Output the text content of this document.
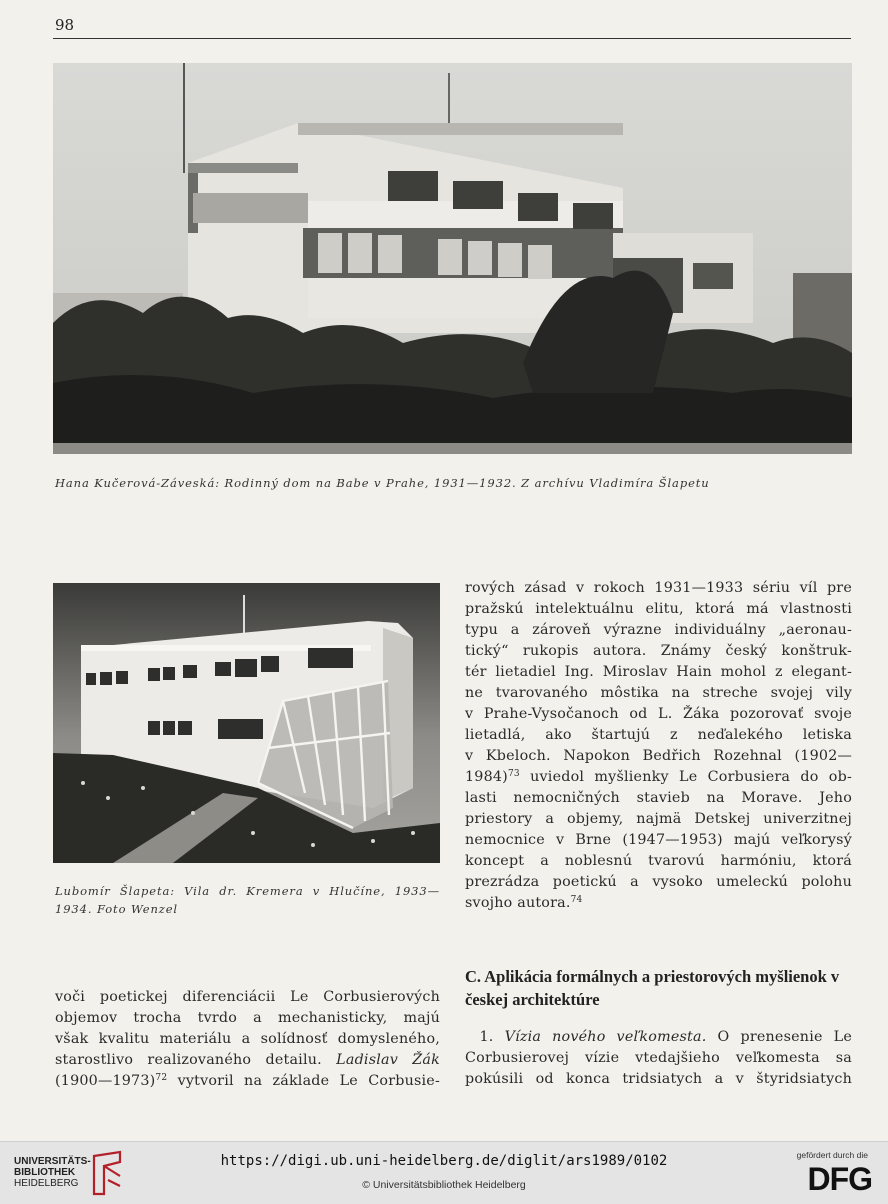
98
Hana Kučerová-Záveská: Rodinný dom na Babe v Prahe, 1931—1932. Z archívu Vladimíra Šlapetu
Lubomír Šlapeta: Vila dr. Kremera v Hlučíne, 1933—
1934. Foto Wenzel
rových zásad v rokoch 1931—1933 sériu víl pre
pražskú intelektuálnu elitu, ktorá má vlastnosti
typu a zároveň výrazne individuálny „aeronau-
tický“ rukopis autora. Známy český konštruk-
tér lietadiel Ing. Miroslav Hain mohol z elegant-
ne tvarovaného môstika na streche svojej vily
v Prahe-Vysočanoch od L. Žáka pozorovať svoje
lietadlá, ako štartujú z neďalekého letiska
v Kbeloch. Napokon Bedřich Rozehnal (1902—
1984)$^{73}$ uviedol myšlienky Le Corbusiera do ob-
lasti nemocničných stavieb na Morave. Jeho
priestory a objemy, najmä Detskej univerzitnej
nemocnice v Brne (1947—1953) majú veľkorysý
koncept a noblesnú tvarovú harmóniu, ktorá
prezrádza poetickú a vysoko umeleckú polohu
svojho autora.$^{74}$
C. Aplikácia formálnych a priestorových myšlienok v českej architektúre
 1. Vízia nového veľkomesta. O prenesenie Le
Corbusierovej vízie vtedajšieho veľkomesta sa
pokúsili od konca tridsiatych a v štyridsiatych
voči poetickej diferenciácii Le Corbusierových
objemov trocha tvrdo a mechanisticky, majú
však kvalitu materiálu a solídnosť domysleného,
starostlivo realizovaného detailu. Ladislav Žák
(1900—1973)$^{72}$ vytvoril na základe Le Corbusie-
UNIVERSITÄTS-
BIBLIOTHEK
HEIDELBERG
https://digi.ub.uni-heidelberg.de/diglit/ars1989/0102
© Universitätsbibliothek Heidelberg
gefördert durch die
DFG
